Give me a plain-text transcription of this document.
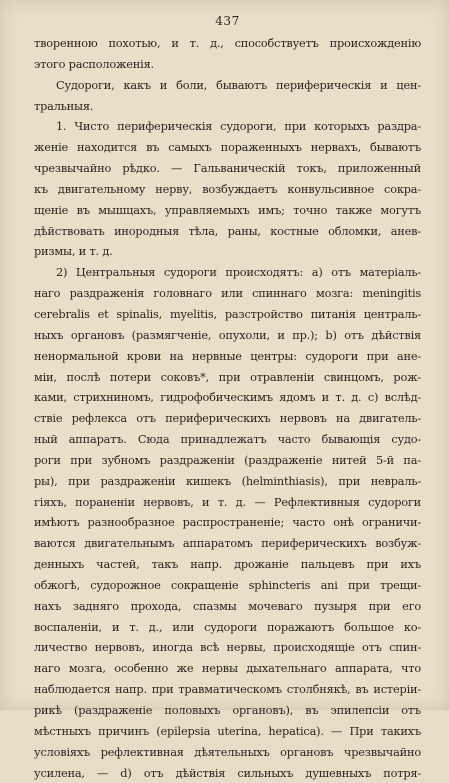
437
творенною похотью, и т. д., способствуетъ происхожденію
этого расположенія.
Судороги, какъ и боли, бываютъ периферическія и цен-
тральныя.
1. Чисто периферическія судороги, при которыхъ раздра-
женіе находится въ самыхъ пораженныхъ нервахъ, бываютъ
чрезвычайно рѣдко. — Гальваническій токъ, приложенный
къ двигательному нерву, возбуждаетъ конвульсивное сокра-
щеніе въ мышцахъ, управляемыхъ имъ; точно также могутъ
дѣйствовать инородныя тѣла, раны, костные обломки, анев-
ризмы, и т. д.
2) Центральныя судороги происходятъ: a) отъ матеріаль-
наго раздраженія головнаго или спиннаго мозга: meningitis
cerebralis et spinalis, myelitis, разстройство питанія централь-
ныхъ органовъ (размягченіе, опухоли, и пр.); b) отъ дѣйствія
ненормальной крови на нервные центры: судороги при ане-
міи, послѣ потери соковъ*, при отравленіи свинцомъ, рож-
ками, стрихниномъ, гидрофобическимъ ядомъ и т. д. c) вслѣд-
ствіе рефлекса отъ периферическихъ нервовъ на двигатель-
ный аппаратъ. Сюда принадлежатъ часто бывающія судо-
роги при зубномъ раздраженіи (раздраженіе нитей 5-й па-
ры), при раздраженіи кишекъ (helminthiasis), при невраль-
гіяхъ, пораненіи нервовъ, и т. д. — Рефлективныя судороги
имѣютъ разнообразное распространеніе; часто онѣ ограничи-
ваются двигательнымъ аппаратомъ периферическихъ возбуж-
денныхъ частей, такъ напр. дрожаніе пальцевъ при ихъ
обжогѣ, судорожное сокращеніе sphincteris ani при трещи-
нахъ задняго прохода, спазмы мочеваго пузыря при его
воспаленіи, и т. д., или судороги поражаютъ большое ко-
личество нервовъ, иногда всѣ нервы, происходящіе отъ спин-
наго мозга, особенно же нервы дыхательнаго аппарата, что
наблюдается напр. при травматическомъ столбнякѣ, въ истеріи-
рикѣ (раздраженіе половыхъ органовъ), въ эпилепсіи отъ
мѣстныхъ причинъ (epilepsia uterina, hepatica). — При такихъ
условіяхъ рефлективная дѣятельныхъ органовъ чрезвычайно
усилена, — d) отъ дѣйствія сильныхъ душевныхъ потря-
